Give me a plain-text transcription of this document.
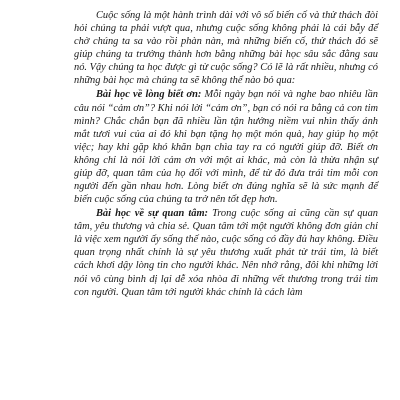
Cuộc sống là một hành trình dài với vô số biến cố và thử thách đòi hỏi chúng ta phải vượt qua, nhưng cuộc sống không phải là cái bẫy để chờ chúng ta sa vào rồi phàn nàn, mà những biến cố, thử thách đó sẽ giúp chúng ta trưởng thành hơn bằng những bài học sâu sắc đằng sau nó. Vậy chúng ta học được gì từ cuộc sống? Có lẽ là rất nhiều, nhưng có những bài học mà chúng ta sẽ không thể nào bỏ qua:

Bài học về lòng biết ơn: Mỗi ngày bạn nói và nghe bao nhiêu lần câu nói “cảm ơn”? Khi nói lời “cảm ơn”, bạn có nói ra bằng cả con tim mình? Chắc chắn bạn đã nhiều lần tận hưởng niềm vui nhìn thấy ánh mắt tươi vui của ai đó khi bạn tặng họ một món quà, hay giúp họ một việc; hay khi gặp khó khăn bạn chìa tay ra có người giúp đỡ. Biết ơn không chỉ là nói lời cảm ơn với một ai khác, mà còn là thừa nhận sự giúp đỡ, quan tâm của họ đối với mình, để từ đó đưa trái tim mỗi con người đến gần nhau hơn. Lòng biết ơn đúng nghĩa sẽ là sức mạnh để biến cuộc sống của chúng ta trở nên tốt đẹp hơn.

Bài học về sự quan tâm: Trong cuộc sống ai cũng cần sự quan tâm, yêu thương và chia sẻ. Quan tâm tới một người không đơn giản chỉ là việc xem người ấy sống thế nào, cuộc sống có đầy đủ hay không. Điều quan trọng nhất chính là sự yêu thương xuất phát từ trái tim, là biết cách khơi dậy lòng tin cho người khác. Nên nhớ rằng, đôi khi những lời nói vô cùng bình dị lại dễ xóa nhòa đi những vết thương trong trái tim con người. Quan tâm tới người khác chính là cách làm
